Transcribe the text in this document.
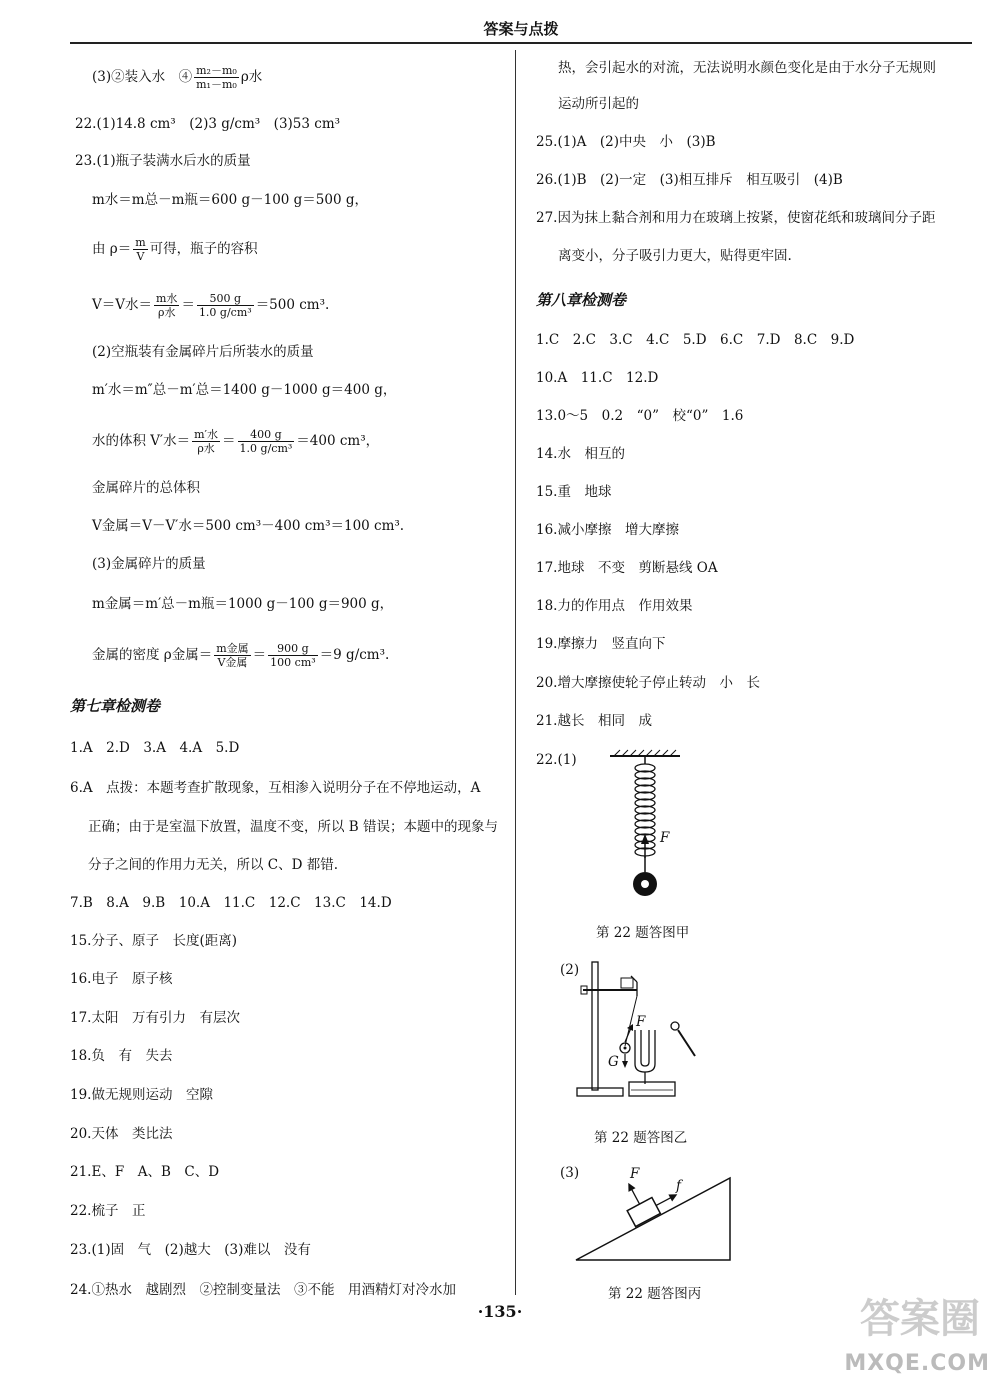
答案与点拨
(3)②装入水　④ $\frac{\text{m₂－m₀}}{\text{m₁－m₀}}$ ρ水
22.(1)14.8 cm³　(2)3 g/cm³　(3)53 cm³
23.(1)瓶子装满水后水的质量
m水＝m总－m瓶＝600 g－100 g＝500 g，
由 $\rho= \frac{m}{V}$ 可得，瓶子的容积
V＝V水＝ $\frac{\text{m水}}{\text{ρ水}} = \frac{500 g}{\text{1.0 g/cm³}} =500$ cm³.
(2)空瓶装有金属碎片后所装水的质量
m′水＝m″总－m′总＝1400 g－1000 g＝400 g，
水的体积 V′水＝ $\frac{\text{m′水}}{\text{ρ水}} = \frac{400 g}{\text{1.0 g/cm³}} =400$ cm³，
金属碎片的总体积
V金属＝V－V′水＝500 cm³－400 cm³＝100 cm³.
(3)金属碎片的质量
m金属＝m′总－m瓶＝1000 g－100 g＝900 g，
金属的密度 ρ金属＝ $\frac{\text{m金属}}{\text{V金属}} = \frac{900 g}{\text{100 cm³}} =9$ g/cm³.
第七章检测卷
1.A　2.D　3.A　4.A　5.D
6.A　点拨：本题考查扩散现象，互相渗入说明分子在不停地运动，A
正确；由于是室温下放置，温度不变，所以 B 错误；本题中的现象与
分子之间的作用力无关，所以 C、D 都错.
7.B　8.A　9.B　10.A　11.C　12.C　13.C　14.D
15.分子、原子　长度(距离)
16.电子　原子核
17.太阳　万有引力　有层次
18.负　有　失去
19.做无规则运动　空隙
20.天体　类比法
21.E、F　A、B　C、D
22.梳子　正
23.(1)固　气　(2)越大　(3)难以　没有
24.①热水　越剧烈　②控制变量法　③不能　用酒精灯对冷水加
热，会引起水的对流，无法说明水颜色变化是由于水分子无规则
运动所引起的
25.(1)A　(2)中央　小　(3)B
26.(1)B　(2)一定　(3)相互排斥　相互吸引　(4)B
27.因为抹上黏合剂和用力在玻璃上按紧，使窗花纸和玻璃间分子距
离变小，分子吸引力更大，贴得更牢固.
第八章检测卷
1.C　2.C　3.C　4.C　5.D　6.C　7.D　8.C　9.D
10.A　11.C　12.D
13.0～5　0.2　“0”　校“0”　1.6
14.水　相互的
15.重　地球
16.减小摩擦　增大摩擦
17.地球　不变　剪断悬线 OA
18.力的作用点　作用效果
19.摩擦力　竖直向下
20.增大摩擦使轮子停止转动　小　长
21.越长　相同　成
22.(1)
F
第 22 题答图甲
(2)
F
G
第 22 题答图乙
(3)	F
f
第 22 题答图丙
·135·	答案圈
MXQE.COM
